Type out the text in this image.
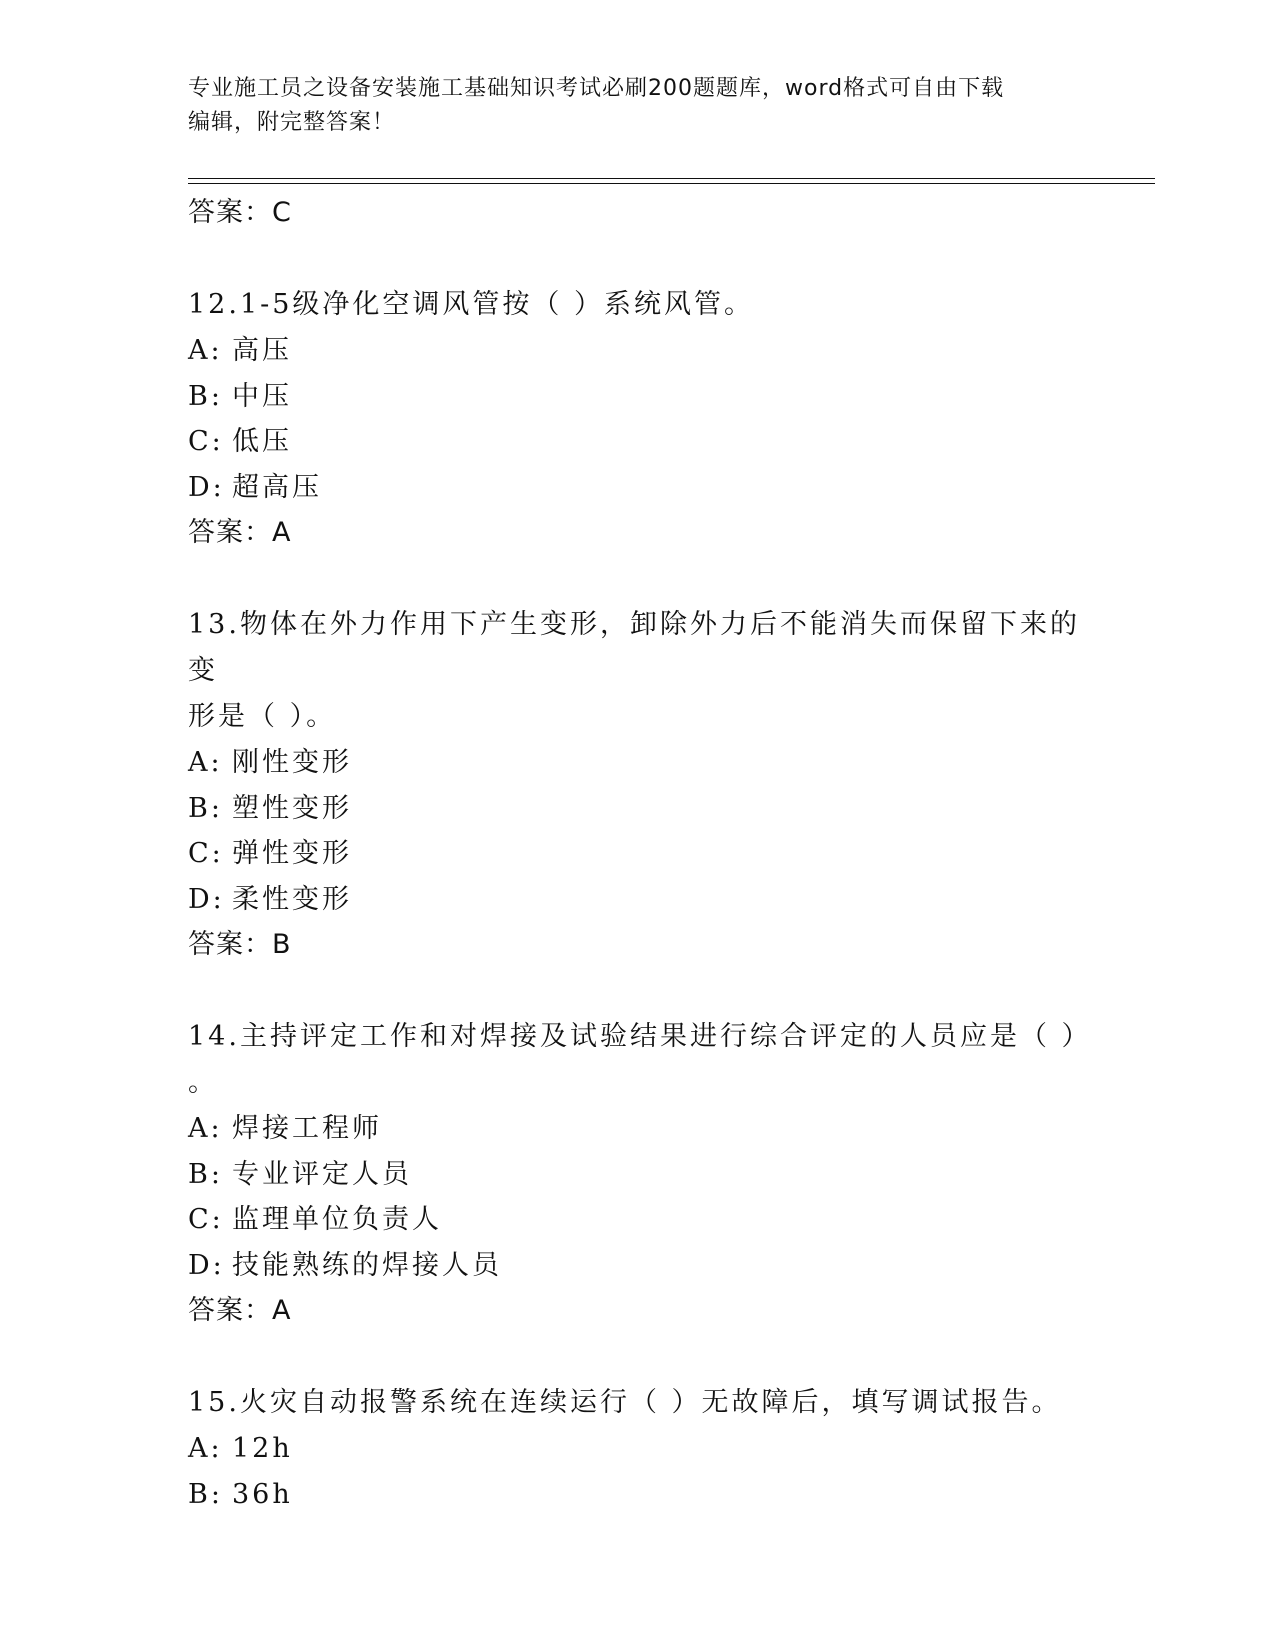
专业施工员之设备安装施工基础知识考试必刷200题题库，word格式可自由下载
编辑，附完整答案！

答案：C

12.1-5级净化空调风管按（ ）系统风管。

A: 高压

B: 中压

C: 低压

D: 超高压

答案：A

13.物体在外力作用下产生变形，卸除外力后不能消失而保留下来的变

形是（ ）。

A: 刚性变形

B: 塑性变形

C: 弹性变形

D: 柔性变形

答案：B

14.主持评定工作和对焊接及试验结果进行综合评定的人员应是（ ）

。

A: 焊接工程师

B: 专业评定人员

C: 监理单位负责人

D: 技能熟练的焊接人员

答案：A

15.火灾自动报警系统在连续运行（ ）无故障后，填写调试报告。

A: 12h

B: 36h
